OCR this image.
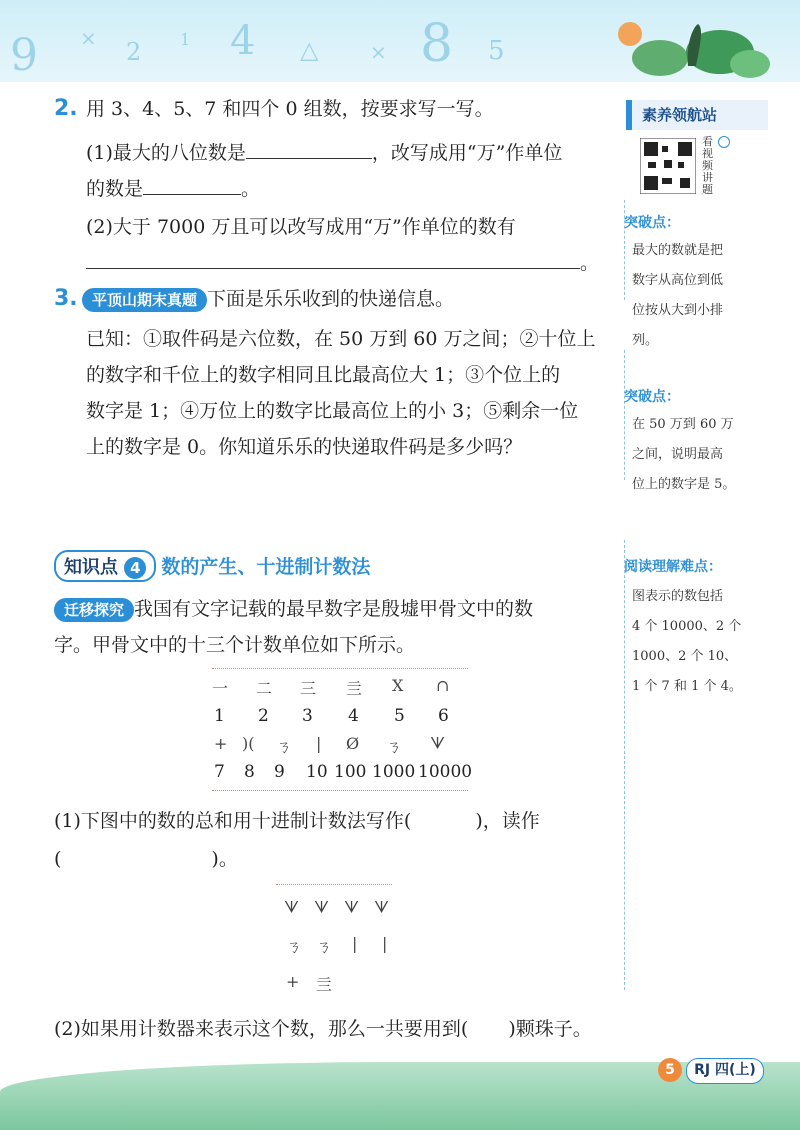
9 × 2 1 4 △	× 8 5
素养领航站
看
视
频
讲
题
突破点：
最大的数就是把
数字从高位到低
位按从大到小排
列。
突破点：
在 50 万到 60 万
之间，说明最高
位上的数字是 5。
阅读理解难点：
图表示的数包括
4 个 10000、2 个
1000、2 个 10、
1 个 7 和 1 个 4。
2. 用 3、4、5、7 和四个 0 组数，按要求写一写。
(1)最大的八位数是	，改写成用“万”作单位
的数是	。
(2)大于 7000 万且可以改写成用“万”作单位的数有
。
3. 平顶山期末真题 下面是乐乐收到的快递信息。
已知：①取件码是六位数，在 50 万到 60 万之间；②十位上
的数字和千位上的数字相同且比最高位大 1；③个位上的
数字是 1；④万位上的数字比最高位上的小 3；⑤剩余一位
上的数字是 0。你知道乐乐的快递取件码是多少吗？
知识点 4 数的产生、十进制计数法
迁移探究 我国有文字记载的最早数字是殷墟甲骨文中的数
字。甲骨文中的十三个计数单位如下所示。
一 二 三 亖 X ∩
1 2 3 4 5 6
+ )( ㄋ | Ø ㄋ ᗐ
7 8 9 10 100 1000 10000
(1)下图中的数的总和用十进制计数法写作(	)，读作
(	)。
ᗐ ᗐ ᗐ ᗐ
ㄋ ㄋ | |
+ 亖
(2)如果用计数器来表示这个数，那么一共要用到( )颗珠子。
5	RJ 四(上)
